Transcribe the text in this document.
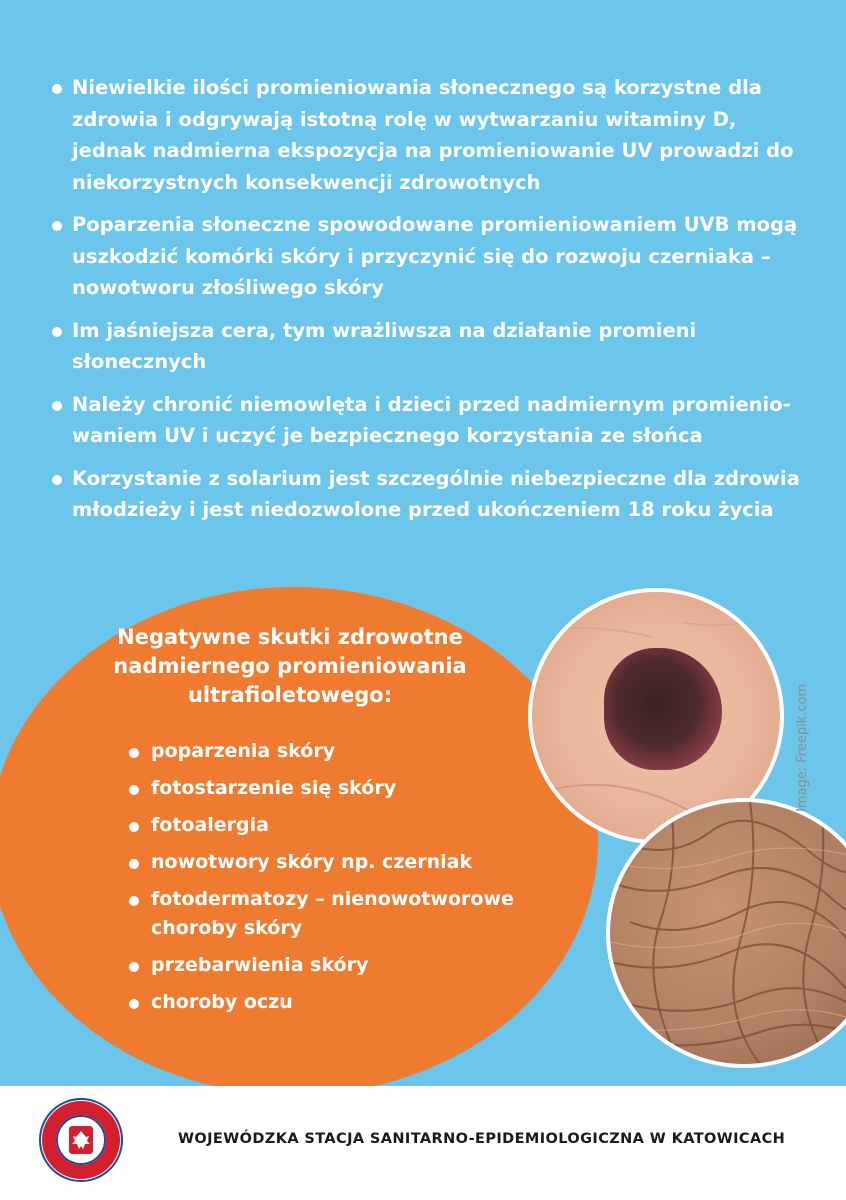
Niewielkie ilości promieniowania słonecznego są korzystne dla zdrowia i odgrywają istotną rolę w wytwarzaniu witaminy D, jednak nadmierna ekspozycja na promieniowanie UV prowadzi do niekorzystnych konsekwencji zdrowotnych
Poparzenia słoneczne spowodowane promieniowaniem UVB mogą uszkodzić komórki skóry i przyczynić się do rozwoju czerniaka – nowotworu złośliwego skóry
Im jaśniejsza cera, tym wrażliwsza na działanie promieni słonecznych
Należy chronić niemowlęta i dzieci przed nadmiernym promienio-waniem UV i uczyć je bezpiecznego korzystania ze słońca
Korzystanie z solarium jest szczególnie niebezpieczne dla zdrowia młodzieży i jest niedozwolone przed ukończeniem 18 roku życia
Negatywne skutki zdrowotne nadmiernego promieniowania ultrafioletowego:
poparzenia skóry
fotostarzenie się skóry
fotoalergia
nowotwory skóry np. czerniak
fotodermatozy – nienowotworowe choroby skóry
przebarwienia skóry
choroby oczu
Image: Freepik.com
WOJEWÓDZKA STACJA SANITARNO-EPIDEMIOLOGICZNA W KATOWICACH
